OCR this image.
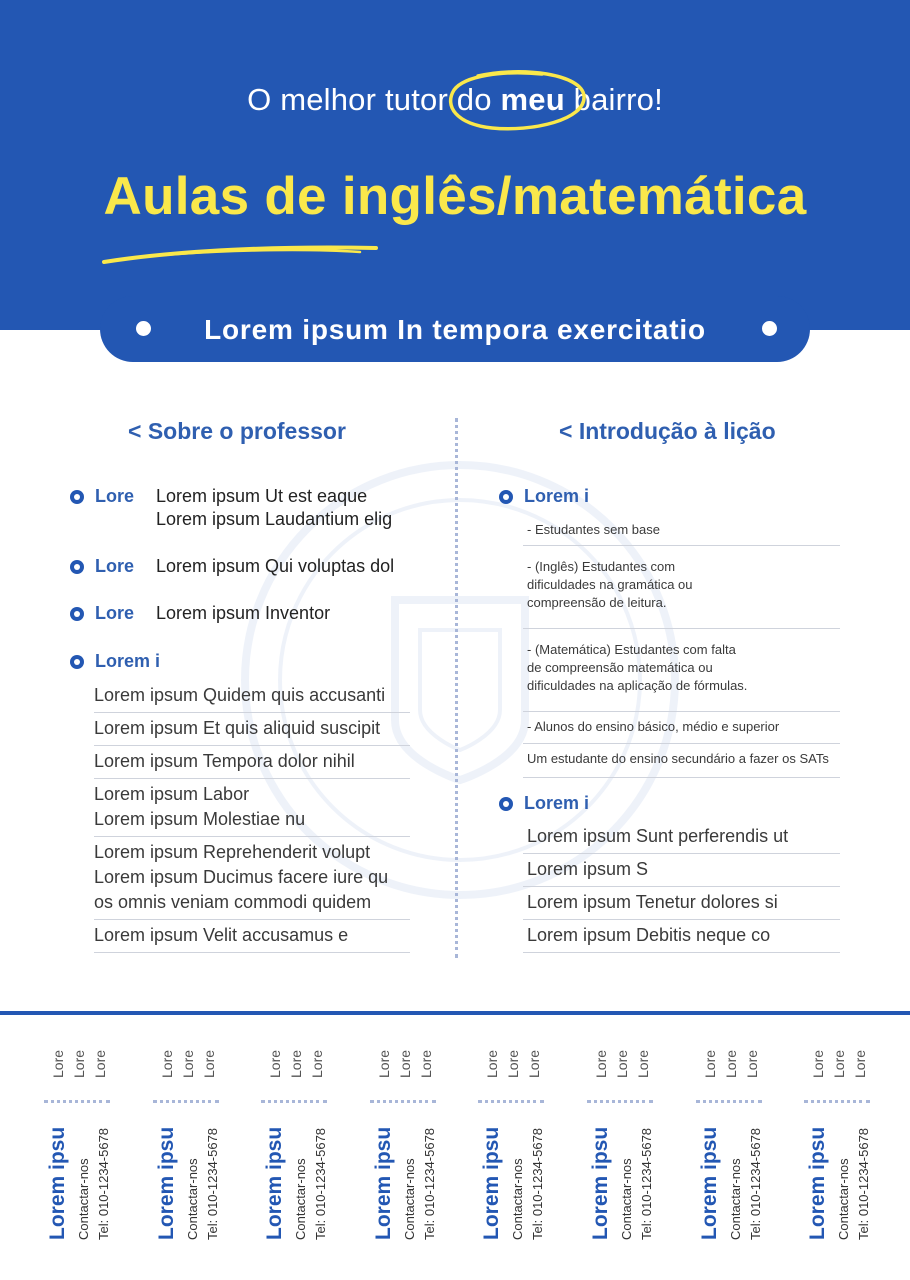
O melhor tutor do meu bairro!
Aulas de inglês/matemática
Lorem ipsum In tempora exercitatio
< Sobre o professor	< Introdução à lição
Lore Lorem ipsum Ut est eaque
Lorem ipsum Laudantium elig
Lore Lorem ipsum Qui voluptas dol
Lore Lorem ipsum Inventor
Lorem i
Lorem ipsum Quidem quis accusanti
Lorem ipsum Et quis aliquid suscipit
Lorem ipsum Tempora dolor nihil
Lorem ipsum Labor
Lorem ipsum Molestiae nu
Lorem ipsum Reprehenderit volupt
Lorem ipsum Ducimus facere iure qu
os omnis veniam commodi quidem
Lorem ipsum Velit accusamus e
Lorem i
- Estudantes sem base
- (Inglês) Estudantes com
dificuldades na gramática ou
compreensão de leitura.
- (Matemática) Estudantes com falta
de compreensão matemática ou
dificuldades na aplicação de fórmulas.
- Alunos do ensino básico, médio e superior
Um estudante do ensino secundário a fazer os SATs
Lorem i
Lorem ipsum Sunt perferendis ut
Lorem ipsum S
Lorem ipsum Tenetur dolores si
Lorem ipsum Debitis neque co
Lore Lore Lore
Lorem ipsu Contactar-nos Tel: 010-1234-5678
Lore Lore Lore
Lorem ipsu Contactar-nos Tel: 010-1234-5678
Lore Lore Lore
Lorem ipsu Contactar-nos Tel: 010-1234-5678
Lore Lore Lore
Lorem ipsu Contactar-nos Tel: 010-1234-5678
Lore Lore Lore
Lorem ipsu Contactar-nos Tel: 010-1234-5678
Lore Lore Lore
Lorem ipsu Contactar-nos Tel: 010-1234-5678
Lore Lore Lore
Lorem ipsu Contactar-nos Tel: 010-1234-5678
Lore Lore Lore
Lorem ipsu Contactar-nos Tel: 010-1234-5678
